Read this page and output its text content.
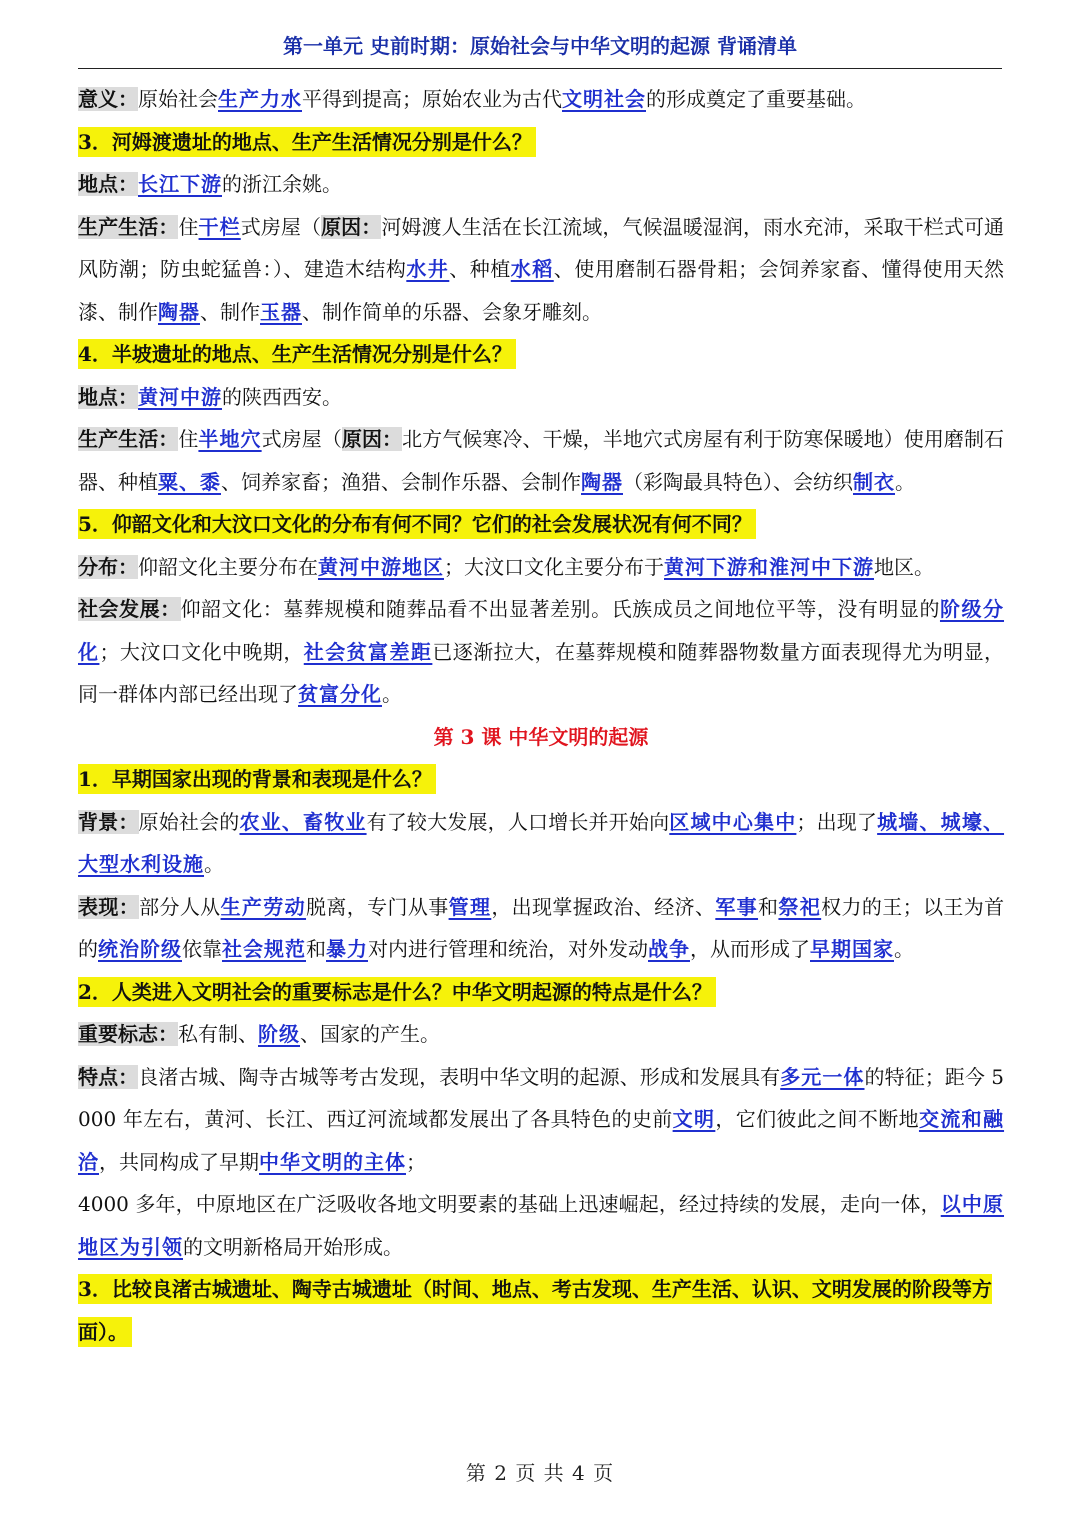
第一单元 史前时期：原始社会与中华文明的起源 背诵清单

意义：原始社会生产力水平得到提高；原始农业为古代文明社会的形成奠定了重要基础。

3．河姆渡遗址的地点、生产生活情况分别是什么？

地点：长江下游的浙江余姚。

生产生活：住干栏式房屋（原因：河姆渡人生活在长江流域，气候温暖湿润，雨水充沛，采取干栏式可通风防潮；防虫蛇猛兽：）、建造木结构水井、种植水稻、使用磨制石器骨耜；会饲养家畜、懂得使用天然漆、制作陶器、制作玉器、制作简单的乐器、会象牙雕刻。

4．半坡遗址的地点、生产生活情况分别是什么？

地点：黄河中游的陕西西安。

生产生活：住半地穴式房屋（原因：北方气候寒冷、干燥，半地穴式房屋有利于防寒保暖地）使用磨制石器、种植粟、黍、饲养家畜；渔猎、会制作乐器、会制作陶器（彩陶最具特色）、会纺织制衣。

5．仰韶文化和大汶口文化的分布有何不同？它们的社会发展状况有何不同？

分布：仰韶文化主要分布在黄河中游地区；大汶口文化主要分布于黄河下游和淮河中下游地区。

社会发展：仰韶文化：墓葬规模和随葬品看不出显著差别。氏族成员之间地位平等，没有明显的阶级分化；大汶口文化中晚期，社会贫富差距已逐渐拉大，在墓葬规模和随葬器物数量方面表现得尤为明显，同一群体内部已经出现了贫富分化。

第 3 课 中华文明的起源

1．早期国家出现的背景和表现是什么？

背景：原始社会的农业、畜牧业有了较大发展，人口增长并开始向区域中心集中；出现了城墙、城壕、大型水利设施。

表现：部分人从生产劳动脱离，专门从事管理，出现掌握政治、经济、军事和祭祀权力的王；以王为首的统治阶级依靠社会规范和暴力对内进行管理和统治，对外发动战争，从而形成了早期国家。

2．人类进入文明社会的重要标志是什么？中华文明起源的特点是什么？

重要标志：私有制、阶级、国家的产生。

特点：良渚古城、陶寺古城等考古发现，表明中华文明的起源、形成和发展具有多元一体的特征；距今 5000 年左右，黄河、长江、西辽河流域都发展出了各具特色的史前文明，它们彼此之间不断地交流和融洽，共同构成了早期中华文明的主体；

4000 多年，中原地区在广泛吸收各地文明要素的基础上迅速崛起，经过持续的发展，走向一体，以中原地区为引领的文明新格局开始形成。

3．比较良渚古城遗址、陶寺古城遗址（时间、地点、考古发现、生产生活、认识、文明发展的阶段等方面）。

第 2 页 共 4 页
